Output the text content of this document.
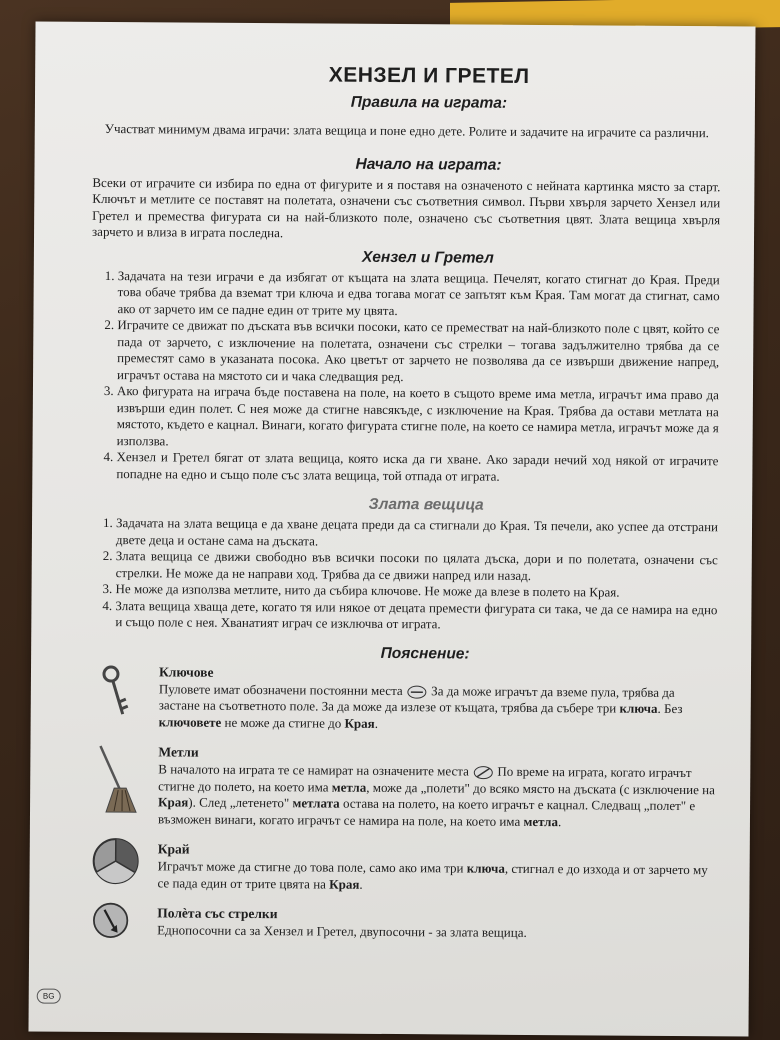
ХЕНЗЕЛ И ГРЕТЕЛ
Правила на играта:

Участват минимум двама играчи: злата вещица и поне едно дете. Ролите и задачите на играчите са различни.

Начало на играта:

Всеки от играчите си избира по една от фигурите и я поставя на означеното с нейната картинка място за старт. Ключът и метлите се поставят на полетата, означени със съответния символ. Първи хвърля зарчето Хензел или Гретел и премества фигурата си на най-близкото поле, означено със съответния цвят. Злата вещица хвърля зарчето и влиза в играта последна.

Хензел и Гретел
1. Задачата на тези играчи е да избягат от къщата на злата вещица. Печелят, когато стигнат до Края. Преди това обаче трябва да вземат три ключа и едва тогава могат се запътят към Края. Там могат да стигнат, само ако от зарчето им се падне един от трите му цвята.
2. Играчите се движат по дъската във всички посоки, като се преместват на най-близкото поле с цвят, който се пада от зарчето, с изключение на полетата, означени със стрелки – тогава задължително трябва да се преместят само в указаната посока. Ако цветът от зарчето не позволява да се извърши движение напред, играчът остава на мястото си и чака следващия ред.
3. Ако фигурата на играча бъде поставена на поле, на което в същото време има метла, играчът има право да извърши един полет. С нея може да стигне навсякъде, с изключение на Края. Трябва да остави метлата на мястото, където е кацнал. Винаги, когато фигурата стигне поле, на което се намира метла, играчът може да я използва.
4. Хензел и Гретел бягат от злата вещица, която иска да ги хване. Ако заради нечий ход някой от играчите попадне на едно и също поле със злата вещица, той отпада от играта.
Злата вещица
1. Задачата на злата вещица е да хване децата преди да са стигнали до Края. Тя печели, ако успее да отстрани двете деца и остане сама на дъската.
2. Злата вещица се движи свободно във всички посоки по цялата дъска, дори и по полетата, означени със стрелки. Не може да не направи ход. Трябва да се движи напред или назад.
3. Не може да използва метлите, нито да събира ключове. Не може да влезе в полето на Края.
4. Злата вещица хваща дете, когато тя или някое от децата премести фигурата си така, че да се намира на едно и също поле с нея. Хванатият играч се изключва от играта.
Пояснение:
Ключове

Пуловете имат обозначени постоянни места За да може играчът да вземе пула, трябва да застане на съответното поле. За да може да излезе от къщата, трябва да събере три ключа. Без ключовете не може да стигне до Края.

Метли

В началото на играта те се намират на означените места По време на играта, когато играчът стигне до полето, на което има метла, може да „полети" до всяко място на дъската (с изключение на Края). След „летенето" метлата остава на полето, на което играчът е кацнал. Следващ „полет" е възможен винаги, когато играчът се намира на поле, на което има метла.

Край

Играчът може да стигне до това поле, само ако има три ключа, стигнал е до изхода и от зарчето му се пада един от трите цвята на Края.

Полѐта със стрелки

Еднопосочни са за Хензел и Гретел, двупосочни - за злата вещица.

BG
